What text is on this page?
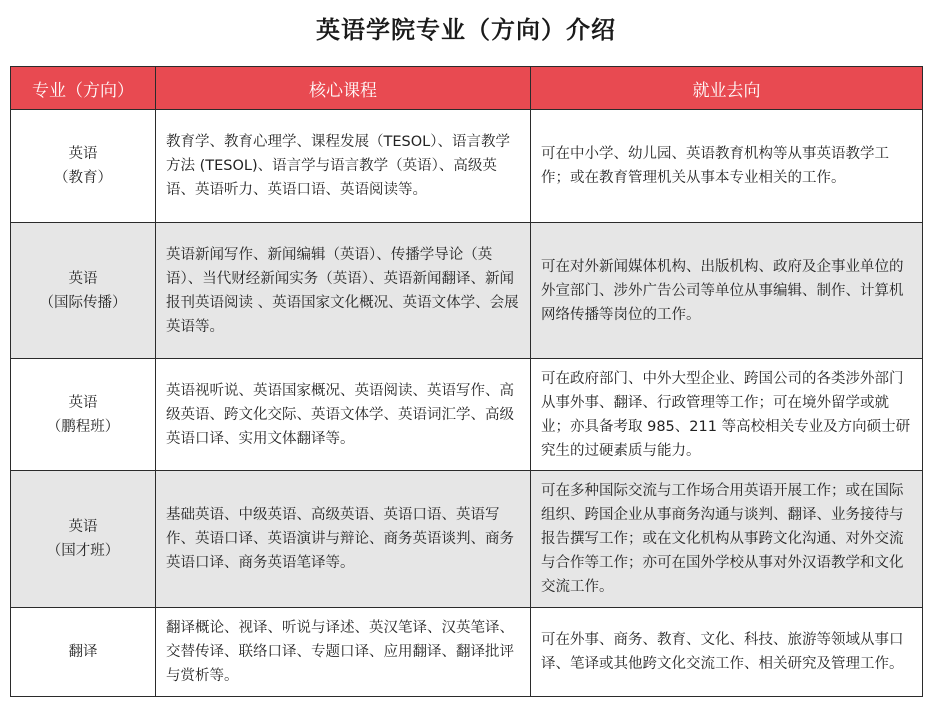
英语学院专业（方向）介绍
专业（方向）	核心课程	就业去向

英语
（教育）	教育学、教育心理学、课程发展（TESOL）、语言教学方法 (TESOL)、语言学与语言教学（英语）、高级英语、英语听力、英语口语、英语阅读等。	可在中小学、幼儿园、英语教育机构等从事英语教学工作；或在教育管理机关从事本专业相关的工作。

英语
（国际传播）	英语新闻写作、新闻编辑（英语）、传播学导论（英语）、当代财经新闻实务（英语）、英语新闻翻译、新闻报刊英语阅读 、英语国家文化概况、英语文体学、会展英语等。	可在对外新闻媒体机构、出版机构、政府及企事业单位的外宣部门、涉外广告公司等单位从事编辑、制作、计算机网络传播等岗位的工作。

英语
（鹏程班）	英语视听说、英语国家概况、英语阅读、英语写作、高级英语、跨文化交际、英语文体学、英语词汇学、高级英语口译、实用文体翻译等。	可在政府部门、中外大型企业、跨国公司的各类涉外部门从事外事、翻译、行政管理等工作；可在境外留学或就业；亦具备考取 985、211 等高校相关专业及方向硕士研究生的过硬素质与能力。

英语
（国才班）	基础英语、中级英语、高级英语、英语口语、英语写作、英语口译、英语演讲与辩论、商务英语谈判、商务英语口译、商务英语笔译等。	可在多种国际交流与工作场合用英语开展工作；或在国际组织、跨国企业从事商务沟通与谈判、翻译、业务接待与报告撰写工作；或在文化机构从事跨文化沟通、对外交流与合作等工作；亦可在国外学校从事对外汉语教学和文化交流工作。

翻译	翻译概论、视译、听说与译述、英汉笔译、汉英笔译、交替传译、联络口译、专题口译、应用翻译、翻译批评与赏析等。	可在外事、商务、教育、文化、科技、旅游等领域从事口译、笔译或其他跨文化交流工作、相关研究及管理工作。
